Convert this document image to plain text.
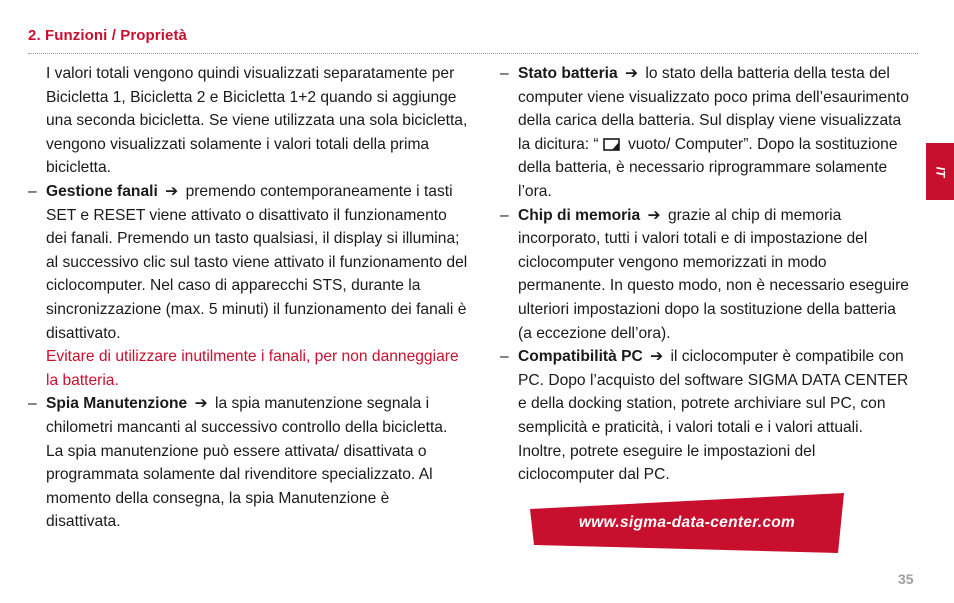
2. Funzioni / Proprietà

I valori totali vengono quindi visualizzati separatamente per Bicicletta 1, Bicicletta 2 e Bicicletta 1+2 quando si aggiunge una seconda bicicletta. Se viene utilizzata una sola bicicletta, vengono visualizzati solamente i valori totali della prima bicicletta.

– Gestione fanali ➔ premendo contemporaneamente i tasti SET e RESET viene attivato o disattivato il funzionamento dei fanali. Premendo un tasto qualsiasi, il display si illumina; al successivo clic sul tasto viene attivato il funzionamento del ciclocomputer. Nel caso di apparecchi STS, durante la sincronizzazione (max. 5 minuti) il funzionamento dei fanali è disattivato.

Evitare di utilizzare inutilmente i fanali, per non danneggiare la batteria.

– Spia Manutenzione ➔ la spia manutenzione segnala i chilometri mancanti al successivo controllo della bicicletta. La spia manutenzione può essere attivata/ disattivata o programmata solamente dal rivenditore specializzato. Al momento della consegna, la spia Manutenzione è disattivata.
– Stato batteria ➔ lo stato della batteria della testa del computer viene visualizzato poco prima dell’esaurimento della carica della batteria. Sul display viene visualizzata la dicitura: “ vuoto/ Computer”. Dopo la sostituzione della batteria, è necessario riprogrammare solamente l’ora.
– Chip di memoria ➔ grazie al chip di memoria incorporato, tutti i valori totali e di impostazione del ciclocomputer vengono memorizzati in modo permanente. In questo modo, non è necessario eseguire ulteriori impostazioni dopo la sostituzione della batteria (a eccezione dell’ora).
– Compatibilità PC ➔ il ciclocomputer è compatibile con PC. Dopo l’acquisto del software SIGMA DATA CENTER e della docking station, potrete archiviare sul PC, con semplicità e praticità, i valori totali e i valori attuali. Inoltre, potrete eseguire le impostazioni del ciclocomputer dal PC.
www.sigma-data-center.com
IT
35
